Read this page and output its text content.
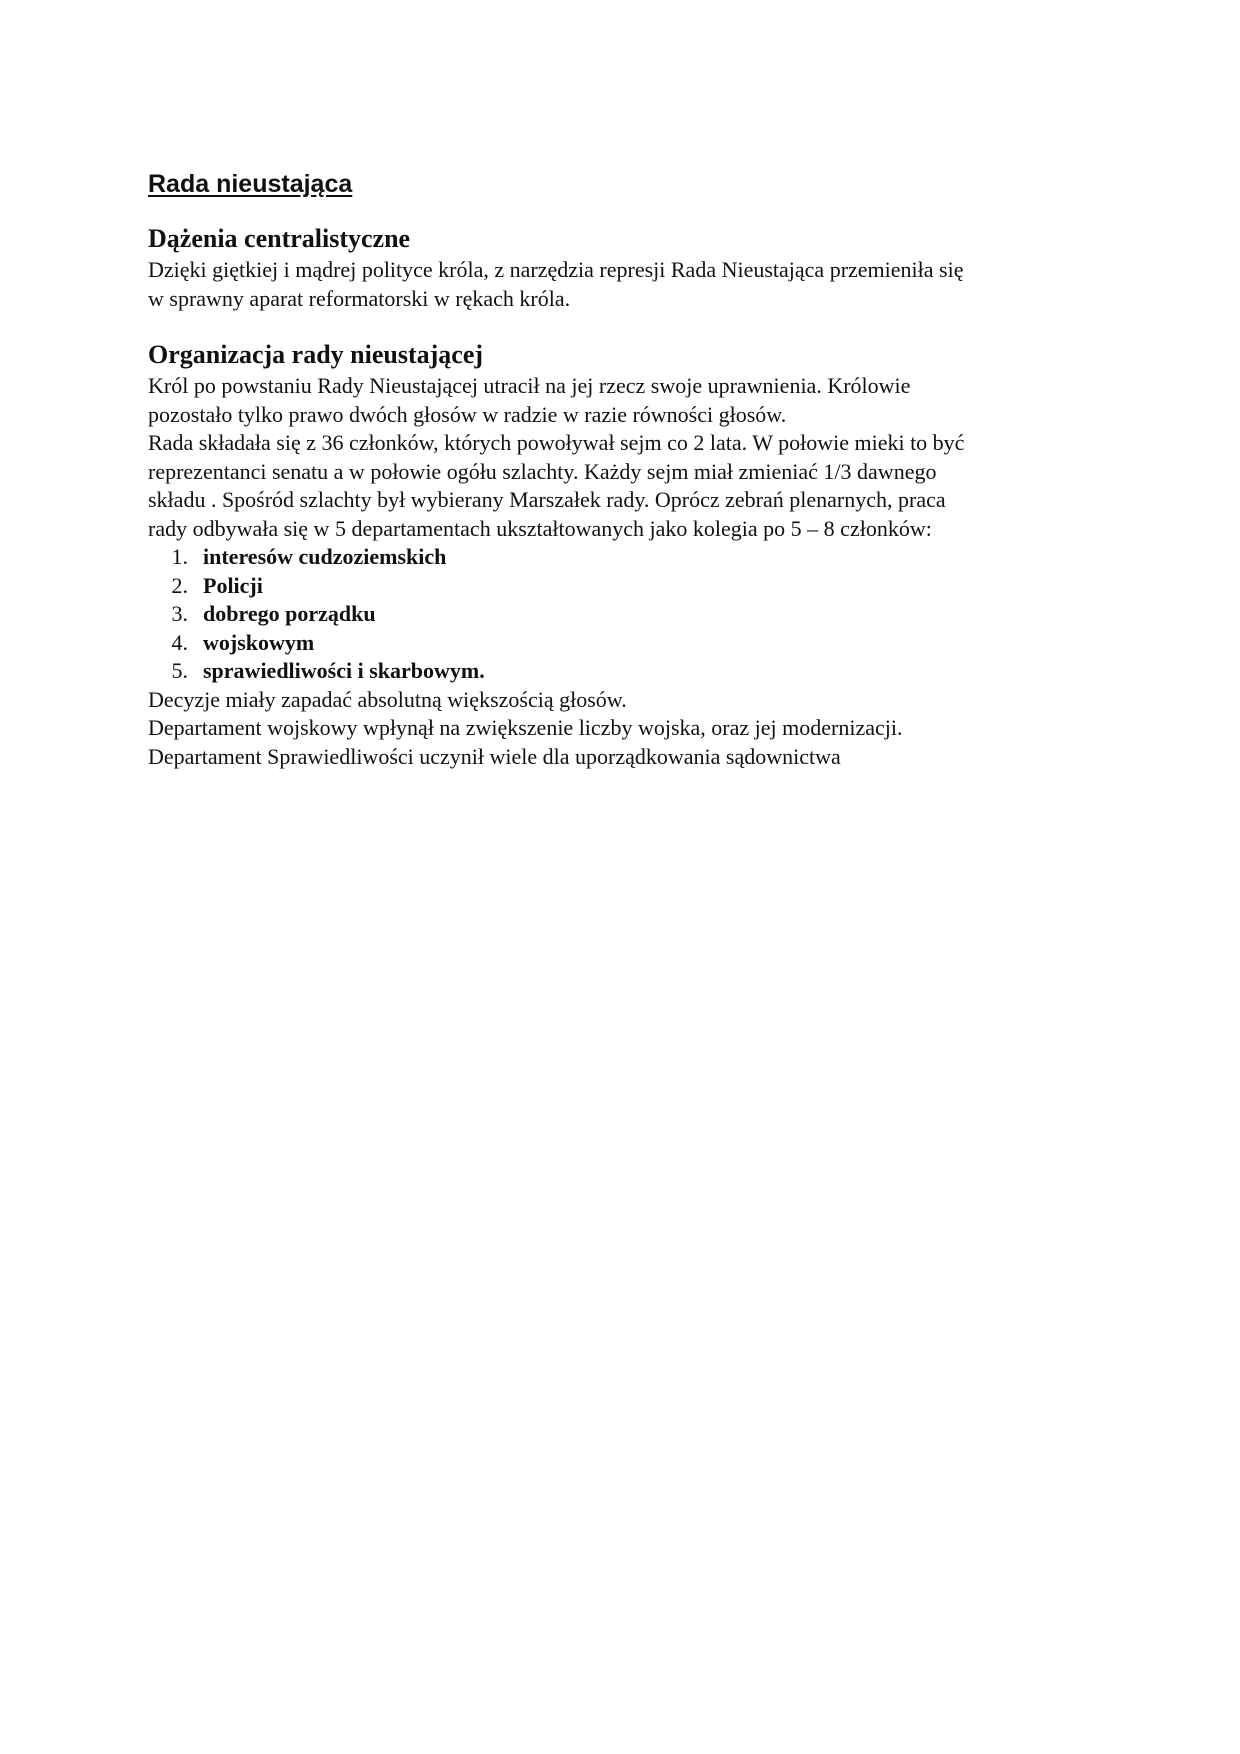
Rada nieustająca
Dążenia centralistyczne

Dzięki giętkiej i mądrej polityce króla, z narzędzia represji Rada Nieustająca przemieniła się

w sprawny aparat reformatorski w rękach króla.

Organizacja rady nieustającej

Król po powstaniu Rady Nieustającej utracił na jej rzecz swoje uprawnienia. Królowie

pozostało tylko prawo dwóch głosów w radzie w razie równości głosów.

Rada składała się z 36 członków, których powoływał sejm co 2 lata. W połowie mieki to być

reprezentanci senatu a w połowie ogółu szlachty. Każdy sejm miał zmieniać 1/3 dawnego

składu . Spośród szlachty był wybierany Marszałek rady. Oprócz zebrań plenarnych, praca

rady odbywała się w 5 departamentach ukształtowanych jako kolegia po 5 – 8 członków:

1. interesów cudzoziemskich
2. Policji
3. dobrego porządku
4. wojskowym
5. sprawiedliwości i skarbowym.

Decyzje miały zapadać absolutną większością głosów.

Departament wojskowy wpłynął na zwiększenie liczby wojska, oraz jej modernizacji.

Departament Sprawiedliwości uczynił wiele dla uporządkowania sądownictwa
